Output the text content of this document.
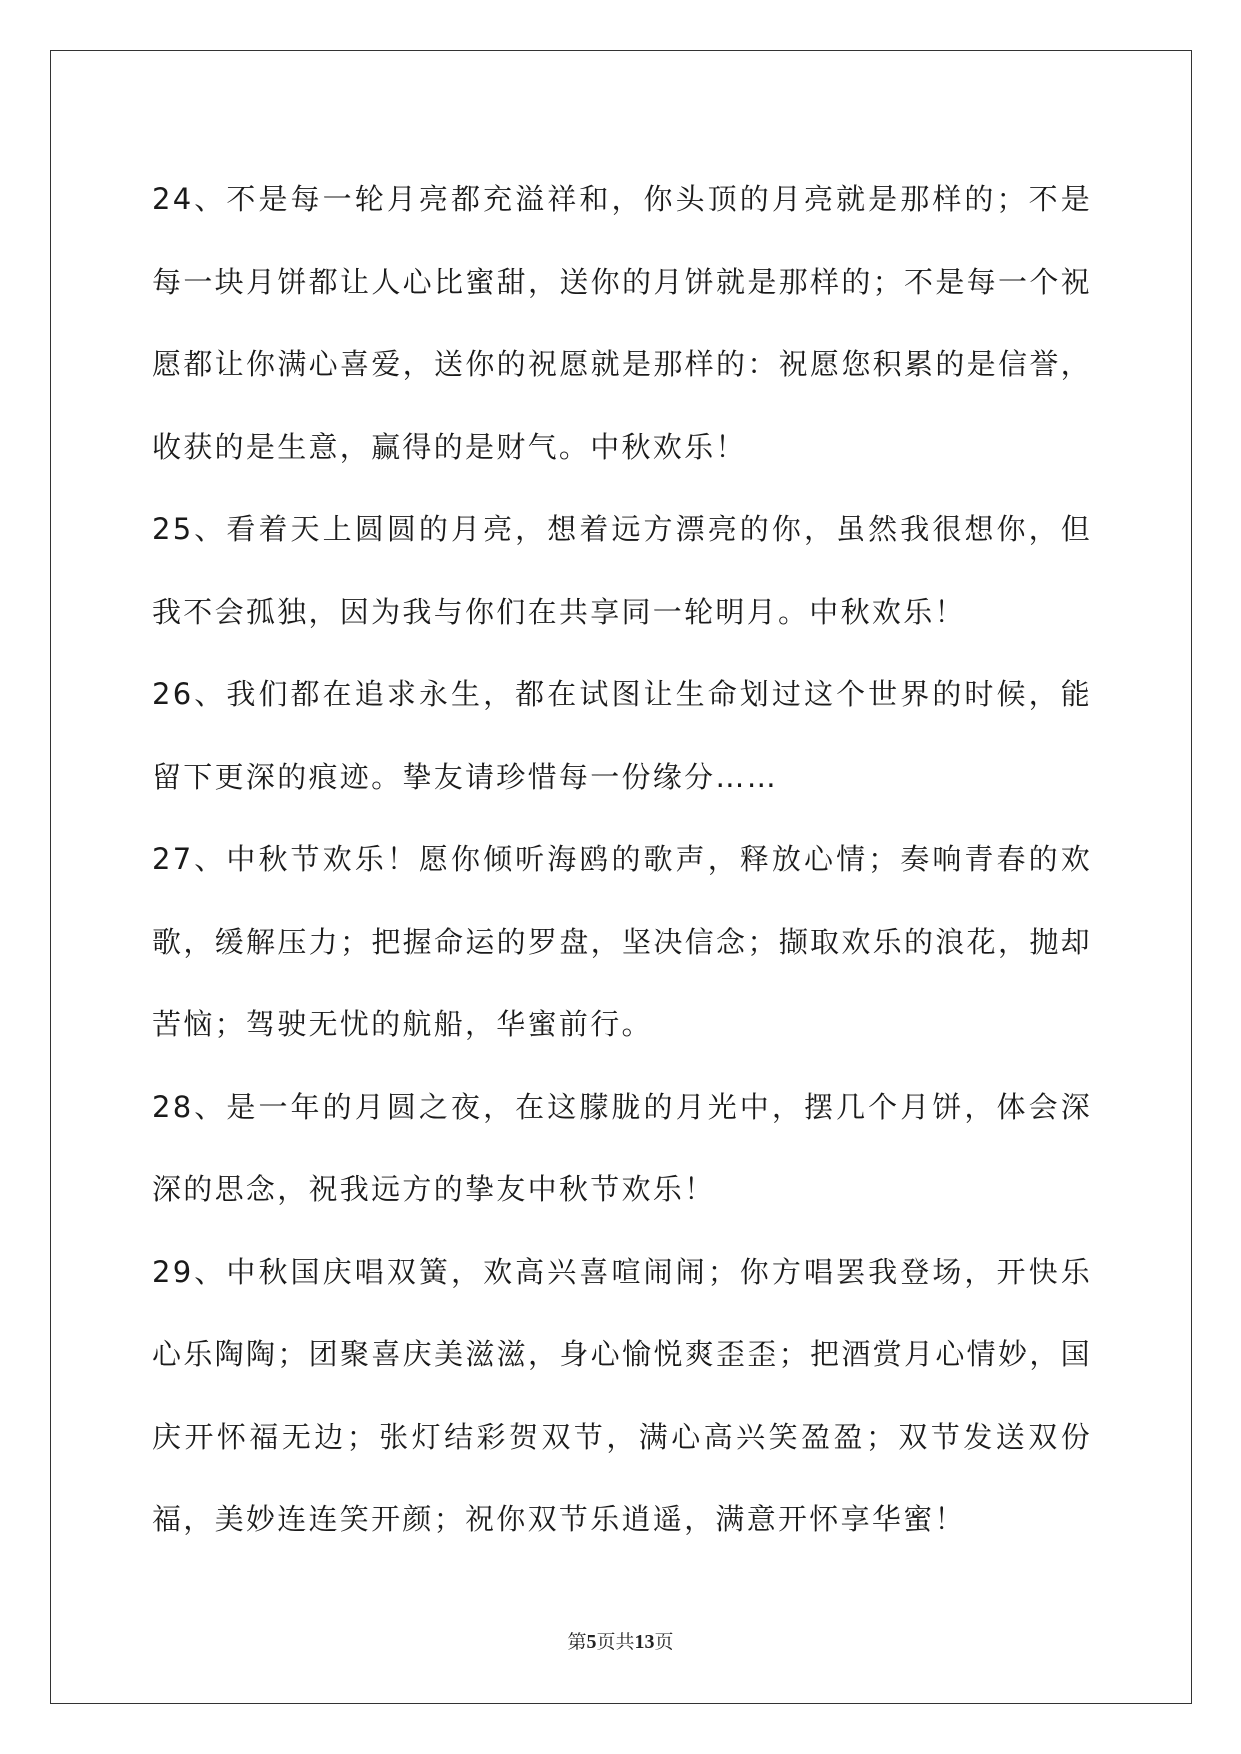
24、不是每一轮月亮都充溢祥和，你头顶的月亮就是那样的；不是每一块月饼都让人心比蜜甜，送你的月饼就是那样的；不是每一个祝愿都让你满心喜爱，送你的祝愿就是那样的：祝愿您积累的是信誉，收获的是生意，赢得的是财气。中秋欢乐！

25、看着天上圆圆的月亮，想着远方漂亮的你，虽然我很想你，但我不会孤独，因为我与你们在共享同一轮明月。中秋欢乐！

26、我们都在追求永生，都在试图让生命划过这个世界的时候，能留下更深的痕迹。挚友请珍惜每一份缘分……

27、中秋节欢乐！愿你倾听海鸥的歌声，释放心情；奏响青春的欢歌，缓解压力；把握命运的罗盘，坚决信念；撷取欢乐的浪花，抛却苦恼；驾驶无忧的航船，华蜜前行。

28、是一年的月圆之夜，在这朦胧的月光中，摆几个月饼，体会深深的思念，祝我远方的挚友中秋节欢乐！

29、中秋国庆唱双簧，欢高兴喜喧闹闹；你方唱罢我登场，开快乐心乐陶陶；团聚喜庆美滋滋，身心愉悦爽歪歪；把酒赏月心情妙，国庆开怀福无边；张灯结彩贺双节，满心高兴笑盈盈；双节发送双份福，美妙连连笑开颜；祝你双节乐逍遥，满意开怀享华蜜！

第5页共13页
